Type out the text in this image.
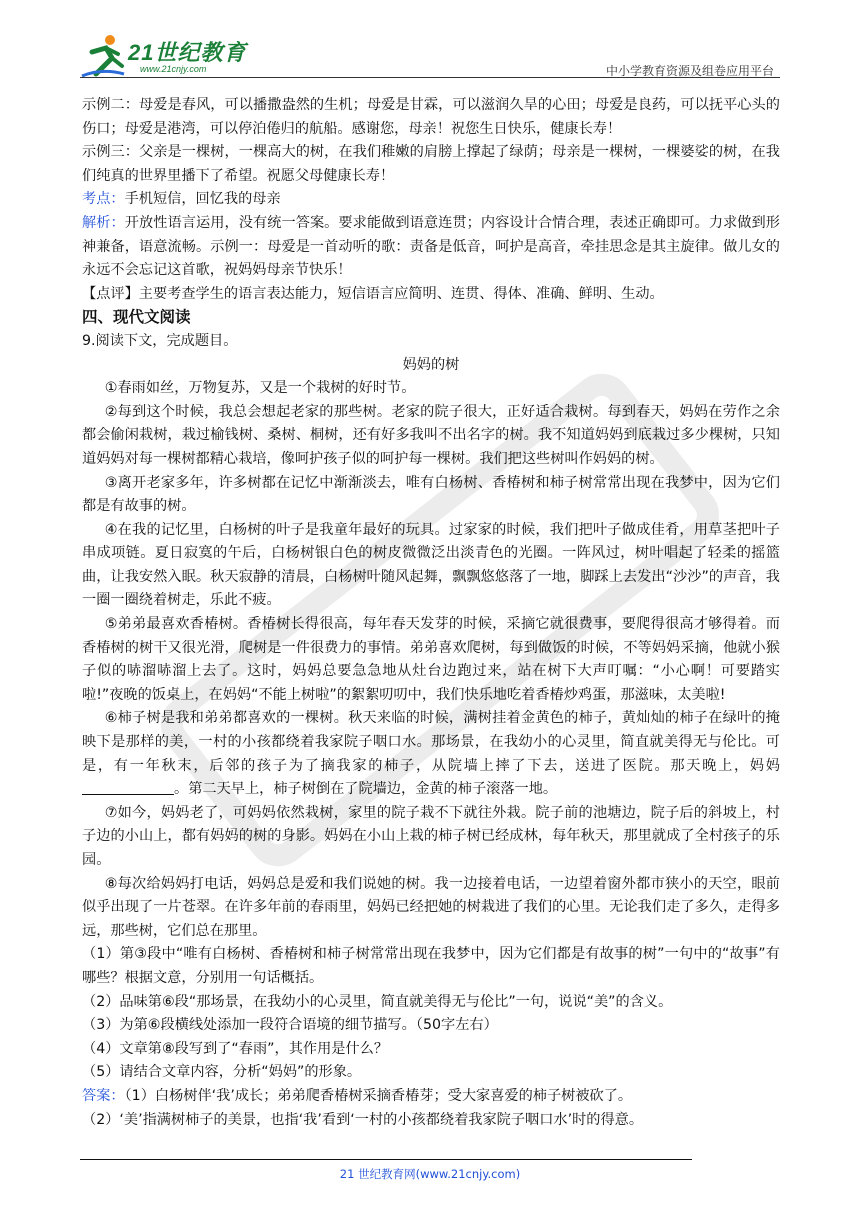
21世纪教育
www.21cnjy.com	中小学教育资源及组卷应用平台

示例二：母爱是春风，可以播撒盎然的生机；母爱是甘霖，可以滋润久旱的心田；母爱是良药，可以抚平心头的伤口；母爱是港湾，可以停泊倦归的航船。感谢您，母亲！祝您生日快乐，健康长寿！

示例三：父亲是一棵树，一棵高大的树，在我们稚嫩的肩膀上撑起了绿荫；母亲是一棵树，一棵婆娑的树，在我们纯真的世界里播下了希望。祝愿父母健康长寿！

考点：手机短信，回忆我的母亲

解析：开放性语言运用，没有统一答案。要求能做到语意连贯；内容设计合情合理，表述正确即可。力求做到形神兼备，语意流畅。示例一：母爱是一首动听的歌：责备是低音，呵护是高音，牵挂思念是其主旋律。做儿女的永远不会忘记这首歌，祝妈妈母亲节快乐！

【点评】主要考查学生的语言表达能力，短信语言应简明、连贯、得体、准确、鲜明、生动。

四、现代文阅读

9.阅读下文，完成题目。

妈妈的树

①春雨如丝，万物复苏，又是一个栽树的好时节。

②每到这个时候，我总会想起老家的那些树。老家的院子很大，正好适合栽树。每到春天，妈妈在劳作之余都会偷闲栽树，栽过榆钱树、桑树、桐树，还有好多我叫不出名字的树。我不知道妈妈到底栽过多少棵树，只知道妈妈对每一棵树都精心栽培，像呵护孩子似的呵护每一棵树。我们把这些树叫作妈妈的树。

③离开老家多年，许多树都在记忆中渐渐淡去，唯有白杨树、香椿树和柿子树常常出现在我梦中，因为它们都是有故事的树。

④在我的记忆里，白杨树的叶子是我童年最好的玩具。过家家的时候，我们把叶子做成佳肴，用草茎把叶子串成项链。夏日寂寞的午后，白杨树银白色的树皮微微泛出淡青色的光圈。一阵风过，树叶唱起了轻柔的摇篮曲，让我安然入眠。秋天寂静的清晨，白杨树叶随风起舞，飘飘悠悠落了一地，脚踩上去发出“沙沙”的声音，我一圈一圈绕着树走，乐此不疲。

⑤弟弟最喜欢香椿树。香椿树长得很高，每年春天发芽的时候，采摘它就很费事，要爬得很高才够得着。而香椿树的树干又很光滑，爬树是一件很费力的事情。弟弟喜欢爬树，每到做饭的时候，不等妈妈采摘，他就小猴子似的哧溜哧溜上去了。这时，妈妈总要急急地从灶台边跑过来，站在树下大声叮嘱：“小心啊！可要踏实啦!”夜晚的饭桌上，在妈妈“不能上树啦”的絮絮叨叨中，我们快乐地吃着香椿炒鸡蛋，那滋味，太美啦!

⑥柿子树是我和弟弟都喜欢的一棵树。秋天来临的时候，满树挂着金黄色的柿子，黄灿灿的柿子在绿叶的掩映下是那样的美，一村的小孩都绕着我家院子咽口水。那场景，在我幼小的心灵里，简直就美得无与伦比。可是，有一年秋末，后邻的孩子为了摘我家的柿子，从院墙上摔了下去，送进了医院。那天晚上，妈妈。第二天早上，柿子树倒在了院墙边，金黄的柿子滚落一地。

⑦如今，妈妈老了，可妈妈依然栽树，家里的院子栽不下就往外栽。院子前的池塘边，院子后的斜坡上，村子边的小山上，都有妈妈的树的身影。妈妈在小山上栽的柿子树已经成林，每年秋天，那里就成了全村孩子的乐园。

⑧每次给妈妈打电话，妈妈总是爱和我们说她的树。我一边接着电话，一边望着窗外都市狭小的天空，眼前似乎出现了一片苍翠。在许多年前的春雨里，妈妈已经把她的树栽进了我们的心里。无论我们走了多久，走得多远，那些树，它们总在那里。

（1）第③段中“唯有白杨树、香椿树和柿子树常常出现在我梦中，因为它们都是有故事的树”一句中的“故事”有哪些？根据文意，分别用一句话概括。

（2）品味第⑥段“那场景，在我幼小的心灵里，简直就美得无与伦比”一句，说说“美”的含义。

（3）为第⑥段横线处添加一段符合语境的细节描写。（50字左右）

（4）文章第⑧段写到了“春雨”，其作用是什么？

（5）请结合文章内容，分析“妈妈”的形象。

答案：（1）白杨树伴‘我’成长；弟弟爬香椿树采摘香椿芽；受大家喜爱的柿子树被砍了。

（2）‘美’指满树柿子的美景，也指‘我’看到‘一村的小孩都绕着我家院子咽口水’时的得意。

21 世纪教育网(www.21cnjy.com)
